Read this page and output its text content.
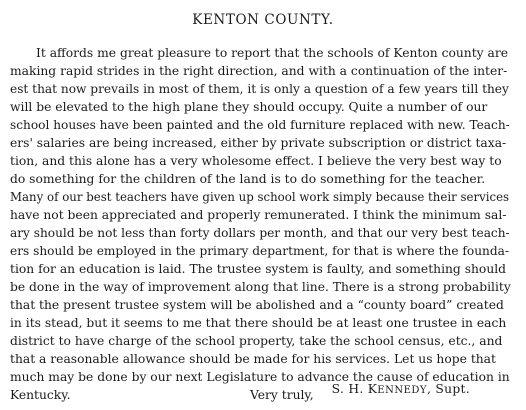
KENTON COUNTY.
It affords me great pleasure to report that the schools of Kenton county are
making rapid strides in the right direction, and with a continuation of the inter-
est that now prevails in most of them, it is only a question of a few years till they
will be elevated to the high plane they should occupy. Quite a number of our
school houses have been painted and the old furniture replaced with new. Teach-
ers' salaries are being increased, either by private subscription or district taxa-
tion, and this alone has a very wholesome effect. I believe the very best way to
do something for the children of the land is to do something for the teacher.
Many of our best teachers have given up school work simply because their services
have not been appreciated and properly remunerated. I think the minimum sal-
ary should be not less than forty dollars per month, and that our very best teach-
ers should be employed in the primary department, for that is where the founda-
tion for an education is laid. The trustee system is faulty, and something should
be done in the way of improvement along that line. There is a strong probability
that the present trustee system will be abolished and a “county board” created
in its stead, but it seems to me that there should be at least one trustee in each
district to have charge of the school property, take the school census, etc., and
that a reasonable allowance should be made for his services. Let us hope that
much may be done by our next Legislature to advance the cause of education in
Kentucky.	Very truly,	S. H. KENNEDY, Supt.
